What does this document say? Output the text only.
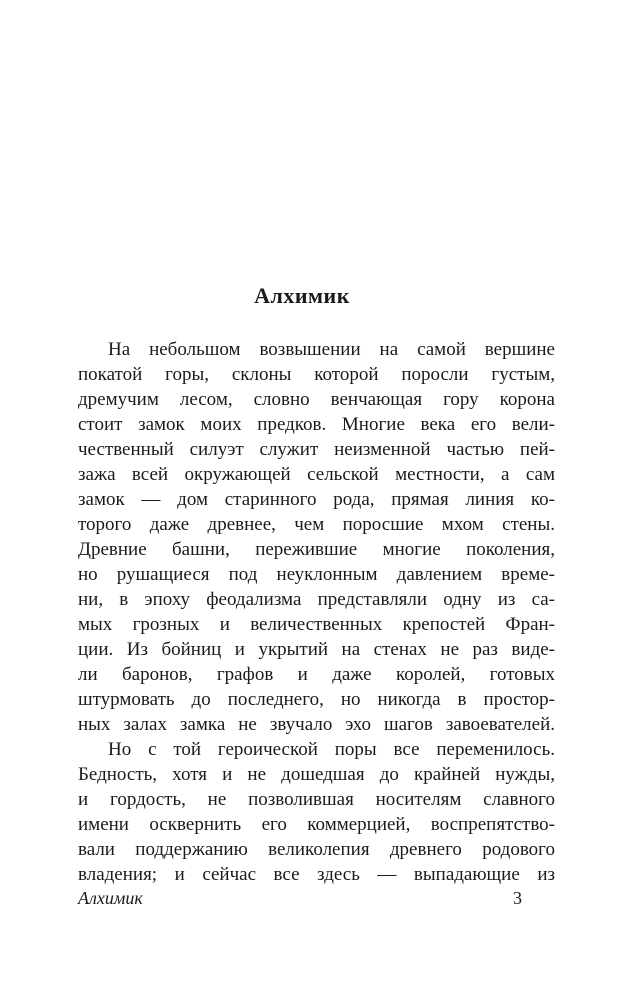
Алхимик
На небольшом возвышении на самой вершине
покатой горы, склоны которой поросли густым,
дремучим лесом, словно венчающая гору корона
стоит замок моих предков. Многие века его вели-
чественный силуэт служит неизменной частью пей-
зажа всей окружающей сельской местности, а сам
замок — дом старинного рода, прямая линия ко-
торого даже древнее, чем поросшие мхом стены.
Древние башни, пережившие многие поколения,
но рушащиеся под неуклонным давлением време-
ни, в эпоху феодализма представляли одну из са-
мых грозных и величественных крепостей Фран-
ции. Из бойниц и укрытий на стенах не раз виде-
ли баронов, графов и даже королей, готовых
штурмовать до последнего, но никогда в простор-
ных залах замка не звучало эхо шагов завоевателей.
Но с той героической поры все переменилось.
Бедность, хотя и не дошедшая до крайней нужды,
и гордость, не позволившая носителям славного
имени осквернить его коммерцией, воспрепятство-
вали поддержанию великолепия древнего родового
владения; и сейчас все здесь — выпадающие из
Алхимик	3
